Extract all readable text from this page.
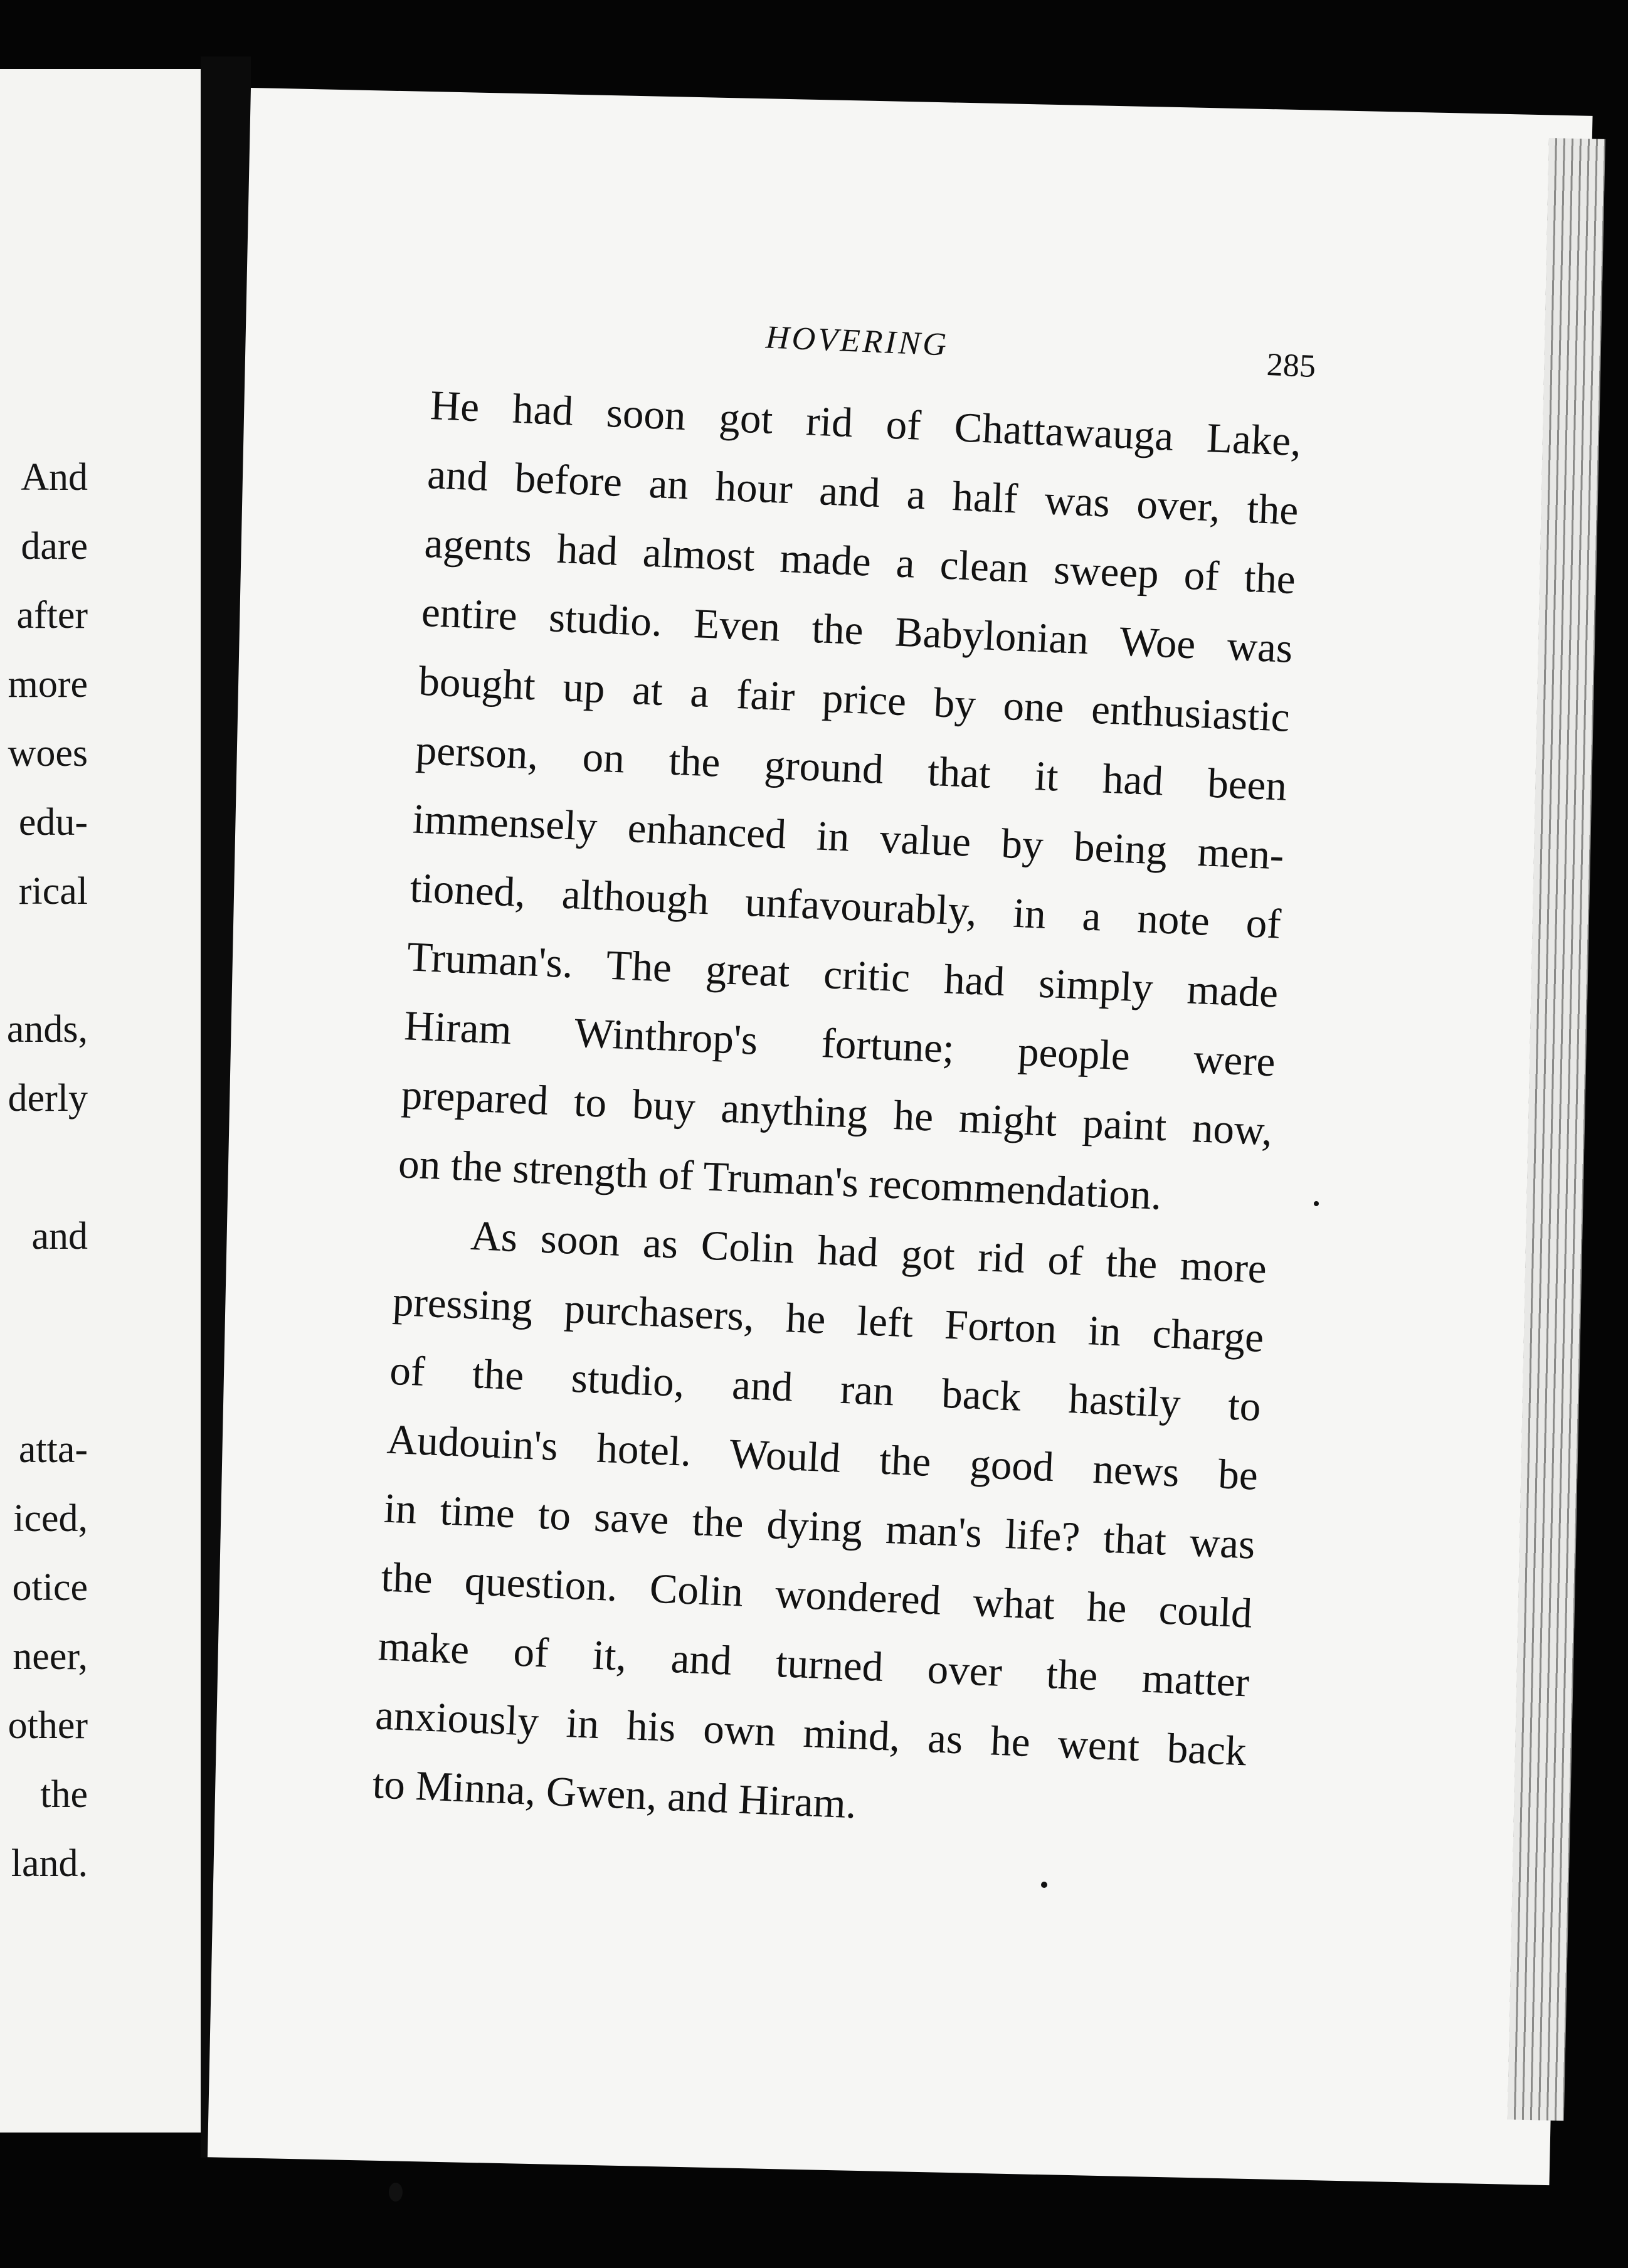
And
dare
after
more
woes
edu-
rical
ands,
derly
and
atta-
iced,
otice
neer,
other
the
land.
HOVERING
285
He had soon got rid of Chattawauga Lake,
and before an hour and a half was over, the
agents had almost made a clean sweep of the
entire studio. Even the Babylonian Woe was
bought up at a fair price by one enthusiastic
person, on the ground that it had been
immensely enhanced in value by being men-
tioned, although unfavourably, in a note of
Truman's. The great critic had simply made
Hiram Winthrop's fortune; people were
prepared to buy anything he might paint now,
on the strength of Truman's recommendation.
As soon as Colin had got rid of the more
pressing purchasers, he left Forton in charge
of the studio, and ran back hastily to
Audouin's hotel. Would the good news be
in time to save the dying man's life? that was
the question. Colin wondered what he could
make of it, and turned over the matter
anxiously in his own mind, as he went back
to Minna, Gwen, and Hiram.
